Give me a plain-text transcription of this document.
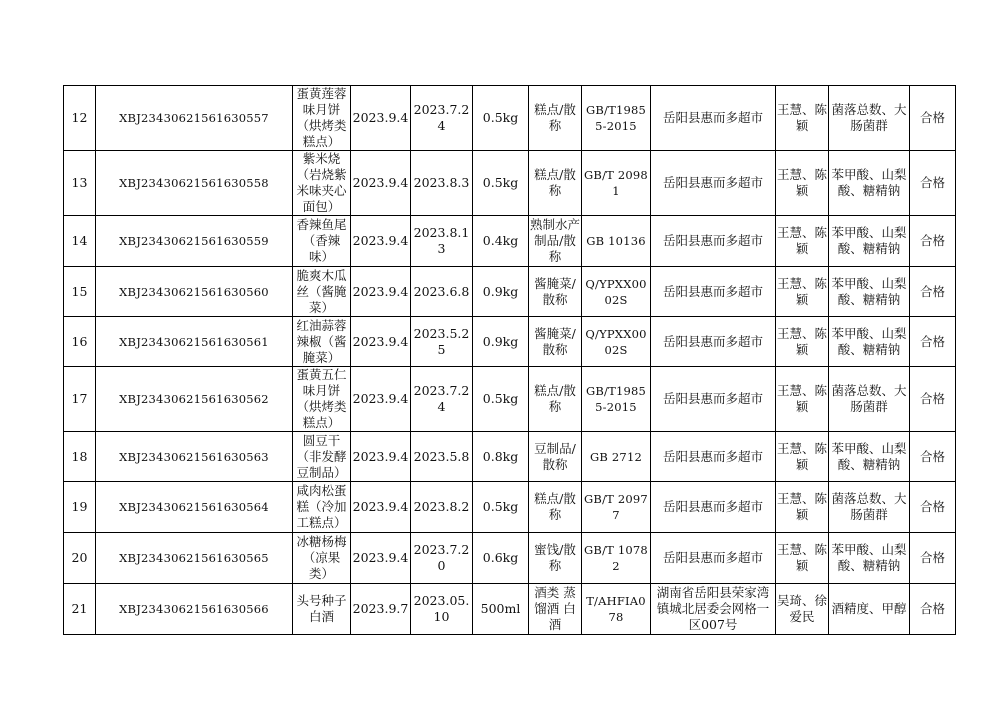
12	XBJ23430621561630557	蛋黄莲蓉味月饼（烘烤类糕点）	2023.9.4	2023.7.24	0.5kg	糕点/散称	GB/T19855-2015	岳阳县惠而多超市	王慧、陈颖	菌落总数、大肠菌群	合格
13	XBJ23430621561630558	紫米烧（岩烧紫米味夹心面包）	2023.9.4	2023.8.3	0.5kg	糕点/散称	GB/T 20981	岳阳县惠而多超市	王慧、陈颖	苯甲酸、山梨酸、糖精钠	合格
14	XBJ23430621561630559	香辣鱼尾（香辣味）	2023.9.4	2023.8.13	0.4kg	熟制水产制品/散称	GB 10136	岳阳县惠而多超市	王慧、陈颖	苯甲酸、山梨酸、糖精钠	合格
15	XBJ23430621561630560	脆爽木瓜丝（酱腌菜）	2023.9.4	2023.6.8	0.9kg	酱腌菜/散称	Q/YPXX0002S	岳阳县惠而多超市	王慧、陈颖	苯甲酸、山梨酸、糖精钠	合格
16	XBJ23430621561630561	红油蒜蓉辣椒（酱腌菜）	2023.9.4	2023.5.25	0.9kg	酱腌菜/散称	Q/YPXX0002S	岳阳县惠而多超市	王慧、陈颖	苯甲酸、山梨酸、糖精钠	合格
17	XBJ23430621561630562	蛋黄五仁味月饼（烘烤类糕点）	2023.9.4	2023.7.24	0.5kg	糕点/散称	GB/T19855-2015	岳阳县惠而多超市	王慧、陈颖	菌落总数、大肠菌群	合格
18	XBJ23430621561630563	圆豆干（非发酵豆制品）	2023.9.4	2023.5.8	0.8kg	豆制品/散称	GB 2712	岳阳县惠而多超市	王慧、陈颖	苯甲酸、山梨酸、糖精钠	合格
19	XBJ23430621561630564	咸肉松蛋糕（冷加工糕点）	2023.9.4	2023.8.2	0.5kg	糕点/散称	GB/T 20977	岳阳县惠而多超市	王慧、陈颖	菌落总数、大肠菌群	合格
20	XBJ23430621561630565	冰糖杨梅（凉果类）	2023.9.4	2023.7.20	0.6kg	蜜饯/散称	GB/T 10782	岳阳县惠而多超市	王慧、陈颖	苯甲酸、山梨酸、糖精钠	合格
21	XBJ23430621561630566	头号种子白酒	2023.9.7	2023.05.10	500ml	酒类 蒸馏酒 白酒	T/AHFIA078	湖南省岳阳县荣家湾镇城北居委会网格一区007号	吴琦、徐爱民	酒精度、甲醇	合格
